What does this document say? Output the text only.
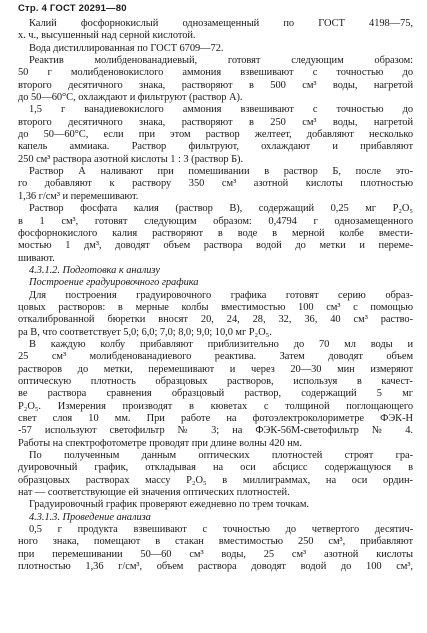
Стр. 4 ГОСТ 20291—80
Калий фосфорнокислый однозамещенный по ГОСТ 4198—75,
х. ч., высушенный над серной кислотой.
Вода дистиллированная по ГОСТ 6709—72.
Реактив молибденованадиевый, готовят следующим образом:
50 г молибденовокислого аммония взвешивают с точностью до
второго десятичного знака, растворяют в 500 см³ воды, нагретой
до 50—60°C, охлаждают и фильтруют (раствор А).
1,5 г ванадиевокислого аммония взвешивают с точностью до
второго десятичного знака, растворяют в 250 см³ воды, нагретой
до 50—60°C, если при этом раствор желтеет, добавляют несколько
капель аммиака. Раствор фильтруют, охлаждают и прибавляют
250 см³ раствора азотной кислоты 1 : 3 (раствор Б).
Раствор А наливают при помешивании в раствор Б, после это-
го добавляют к раствору 350 см³ азотной кислоты плотностью
1,36 г/см³ и перемешивают.
Раствор фосфата калия (раствор В), содержащий 0,25 мг P₂O₅
в 1 см³, готовят следующим образом: 0,4794 г однозамещенного
фосфорнокислого калия растворяют в воде в мерной колбе вмести-
мостью 1 дм³, доводят объем раствора водой до метки и переме-
шивают.
4.3.1.2. Подготовка к анализу
Построение градуировочного графика
Для построения градуировочного графика готовят серию образ-
цовых растворов: в мерные колбы вместимостью 100 см³ с помощью
откалиброванной бюретки вносят 20, 24, 28, 32, 36, 40 см³ раство-
ра В, что соответствует 5,0; 6,0; 7,0; 8,0; 9,0; 10,0 мг P₂O₅.
В каждую колбу прибавляют приблизительно до 70 мл воды и
25 см³ молибденованадиевого реактива. Затем доводят объем
растворов до метки, перемешивают и через 20—30 мин измеряют
оптическую плотность образцовых растворов, используя в качест-
ве раствора сравнения образцовый раствор, содержащий 5 мг
P₂O₅. Измерения производят в кюветах с толщиной поглощающего
свет слоя 10 мм. При работе на фотоэлектроколориметре ФЭК-Н
-57 используют светофильтр № 3; на ФЭК-56М-светофильтр № 4.
Работы на спектрофотометре проводят при длине волны 420 нм.
По полученным данным оптических плотностей строят гра-
дуировочный график, откладывая на оси абсцисс содержащуюся в
образцовых растворах массу P₂O₅ в миллиграммах, на оси ордин-
нат — соответствующие ей значения оптических плотностей.
Градуировочный график проверяют ежедневно по трем точкам.
4.3.1.3. Проведение анализа
0,5 г продукта взвешивают с точностью до четвертого десятич-
ного знака, помещают в стакан вместимостью 250 см³, прибавляют
при перемешивании 50—60 см³ воды, 25 см³ азотной кислоты
плотностью 1,36 г/см³, объем раствора доводят водой до 100 см³,
